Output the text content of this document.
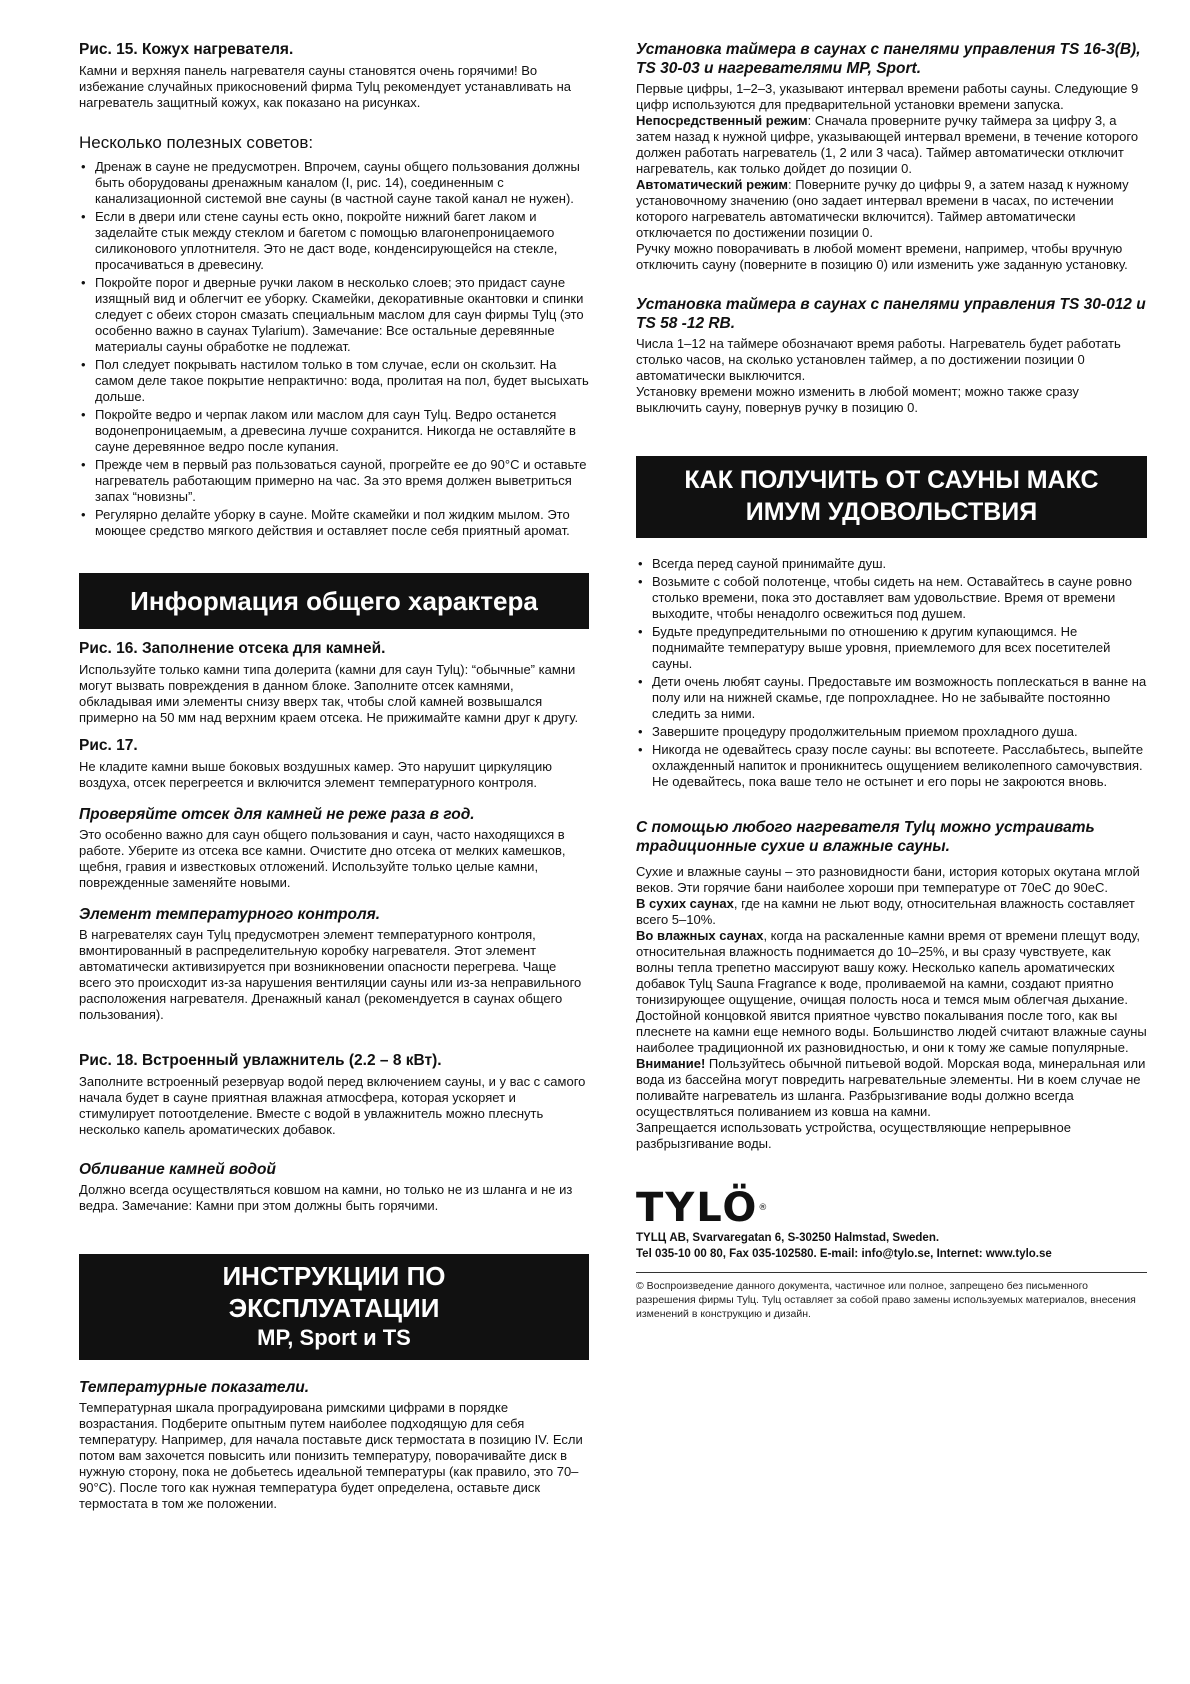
Рис. 15. Кожух нагревателя.

Камни и верхняя панель нагревателя сауны становятся очень горячими! Во избежание случайных прикосновений фирма Tylц рекомендует устанавливать на нагреватель защитный кожух, как показано на рисунках.

Несколько полезных советов:

• Дренаж в сауне не предусмотрен. Впрочем, сауны общего пользования должны быть оборудованы дренажным каналом (I, рис. 14), соединенным с канализационной системой вне сауны (в частной сауне такой канал не нужен).
• Если в двери или стене сауны есть окно, покройте нижний багет лаком и заделайте стык между стеклом и багетом с помощью влагонепроницаемого силиконового уплотнителя. Это не даст воде, конденсирующейся на стекле, просачиваться в древесину.
• Покройте порог и дверные ручки лаком в несколько слоев; это придаст сауне изящный вид и облегчит ее уборку. Скамейки, декоративные окантовки и спинки следует с обеих сторон смазать специальным маслом для саун фирмы Tylц (это особенно важно в саунах Tylarium). Замечание: Все остальные деревянные материалы сауны обработке не подлежат.
• Пол следует покрывать настилом только в том случае, если он скользит. На самом деле такое покрытие непрактично: вода, пролитая на пол, будет высыхать дольше.
• Покройте ведро и черпак лаком или маслом для саун Tylц. Ведро останется водонепроницаемым, а древесина лучше сохранится. Никогда не оставляйте в сауне деревянное ведро после купания.
• Прежде чем в первый раз пользоваться сауной, прогрейте ее до 90°C и оставьте нагреватель работающим примерно на час. За это время должен выветриться запах “новизны”.
• Регулярно делайте уборку в сауне. Мойте скамейки и пол жидким мылом. Это моющее средство мягкого действия и оставляет после себя приятный аромат.
Информация общего характера

Рис. 16. Заполнение отсека для камней.

Используйте только камни типа долерита (камни для саун Tylц): “обычные” камни могут вызвать повреждения в данном блоке. Заполните отсек камнями, обкладывая ими элементы снизу вверх так, чтобы слой камней возвышался примерно на 50 мм над верхним краем отсека. Не прижимайте камни друг к другу.

Рис. 17.

Не кладите камни выше боковых воздушных камер. Это нарушит циркуляцию воздуха, отсек перегреется и включится элемент температурного контроля.

Проверяйте отсек для камней не реже раза в год.

Это особенно важно для саун общего пользования и саун, часто находящихся в работе. Уберите из отсека все камни. Очистите дно отсека от мелких камешков, щебня, гравия и известковых отложений. Используйте только целые камни, поврежденные заменяйте новыми.

Элемент температурного контроля.

В нагревателях саун Tylц предусмотрен элемент температурного контроля, вмонтированный в распределительную коробку нагревателя. Этот элемент автоматически активизируется при возникновении опасности перегрева. Чаще всего это происходит из-за нарушения вентиляции сауны или из-за неправильного расположения нагревателя. Дренажный канал (рекомендуется в саунах общего пользования).

Рис. 18. Встроенный увлажнитель (2.2 – 8 кВт).

Заполните встроенный резервуар водой перед включением сауны, и у вас с самого начала будет в сауне приятная влажная атмосфера, которая ускоряет и стимулирует потоотделение. Вместе с водой в увлажнитель можно плеснуть несколько капель ароматических добавок.

Обливание камней водой

Должно всегда осуществляться ковшом на камни, но только не из шланга и не из ведра. Замечание: Камни при этом должны быть горячими.

ИНСТРУКЦИИ ПО
ЭКСПЛУАТАЦИИ
MP, Sport и TS

Температурные показатели.

Температурная шкала проградуирована римскими цифрами в порядке возрастания. Подберите опытным путем наиболее подходящую для себя температуру. Например, для начала поставьте диск термостата в позицию IV. Если потом вам захочется повысить или понизить температуру, поворачивайте диск в нужную сторону, пока не добьетесь идеальной температуры (как правило, это 70–90°C). После того как нужная температура будет определена, оставьте диск термостата в том же положении.

Установка таймера в саунах с панелями управления TS 16-3(B), TS 30-03 и нагревателями MP, Sport.

Первые цифры, 1–2–3, указывают интервал времени работы сауны. Следующие 9 цифр используются для предварительной установки времени запуска.

Непосредственный режим: Сначала проверните ручку таймера за цифру 3, а затем назад к нужной цифре, указывающей интервал времени, в течение которого должен работать нагреватель (1, 2 или 3 часа). Таймер автоматически отключит нагреватель, как только дойдет до позиции 0.

Автоматический режим: Поверните ручку до цифры 9, а затем назад к нужному установочному значению (оно задает интервал времени в часах, по истечении которого нагреватель автоматически включится). Таймер автоматически отключается по достижении позиции 0.

Ручку можно поворачивать в любой момент времени, например, чтобы вручную отключить сауну (поверните в позицию 0) или изменить уже заданную установку.

Установка таймера в саунах с панелями управления TS 30-012 и TS 58 -12 RB.

Числа 1–12 на таймере обозначают время работы. Нагреватель будет работать столько часов, на сколько установлен таймер, а по достижении позиции 0 автоматически выключится.

Установку времени можно изменить в любой момент; можно также сразу выключить сауну, повернув ручку в позицию 0.

КАК ПОЛУЧИТЬ ОТ САУНЫ МАКС
ИМУМ УДОВОЛЬСТВИЯ
• Всегда перед сауной принимайте душ.
• Возьмите с собой полотенце, чтобы сидеть на нем. Оставайтесь в сауне ровно столько времени, пока это доставляет вам удовольствие. Время от времени выходите, чтобы ненадолго освежиться под душем.
• Будьте предупредительными по отношению к другим купающимся. Не поднимайте температуру выше уровня, приемлемого для всех посетителей сауны.
• Дети очень любят сауны. Предоставьте им возможность поплескаться в ванне на полу или на нижней скамье, где попрохладнее. Но не забывайте постоянно следить за ними.
• Завершите процедуру продолжительным приемом прохладного душа.
• Никогда не одевайтесь сразу после сауны: вы вспотеете. Расслабьтесь, выпейте охлажденный напиток и проникнитесь ощущением великолепного самочувствия. Не одевайтесь, пока ваше тело не остынет и его поры не закроются вновь.

С помощью любого нагревателя Tylц можно устраивать традиционные сухие и влажные сауны.

Сухие и влажные сауны – это разновидности бани, история которых окутана мглой веков. Эти горячие бани наиболее хороши при температуре от 70еС до 90еС.

В сухих саунах, где на камни не льют воду, относительная влажность составляет всего 5–10%.

Во влажных саунах, когда на раскаленные камни время от времени плещут воду, относительная влажность поднимается до 10–25%, и вы сразу чувствуете, как волны тепла трепетно массируют вашу кожу. Несколько капель ароматических добавок Tylц Sauna Fragrance к воде, проливаемой на камни, создают приятно тонизирующее ощущение, очищая полость носа и темся мым облегчая дыхание. Достойной концовкой явится приятное чувство покалывания после того, как вы плеснете на камни еще немного воды. Большинство людей считают влажные сауны наиболее традиционной их разновидностью, и они к тому же самые популярные.

Внимание! Пользуйтесь обычной питьевой водой. Морская вода, минеральная или вода из бассейна могут повредить нагревательные элементы. Ни в коем случае не поливайте нагреватель из шланга. Разбрызгивание воды должно всегда осуществляться поливанием из ковша на камни.

Запрещается использовать устройства, осуществляющие непрерывное разбрызгивание воды.

TYLÖ®
TYLЦ AB, Svarvaregatan 6, S-30250 Halmstad, Sweden.
Tel 035-10 00 80, Fax 035-102580. E-mail: info@tylo.se, Internet: www.tylo.se
© Воспроизведение данного документа, частичное или полное, запрещено без письменного разрешения фирмы Tylц. Tylц оставляет за собой право замены используемых материалов, внесения изменений в конструкцию и дизайн.
